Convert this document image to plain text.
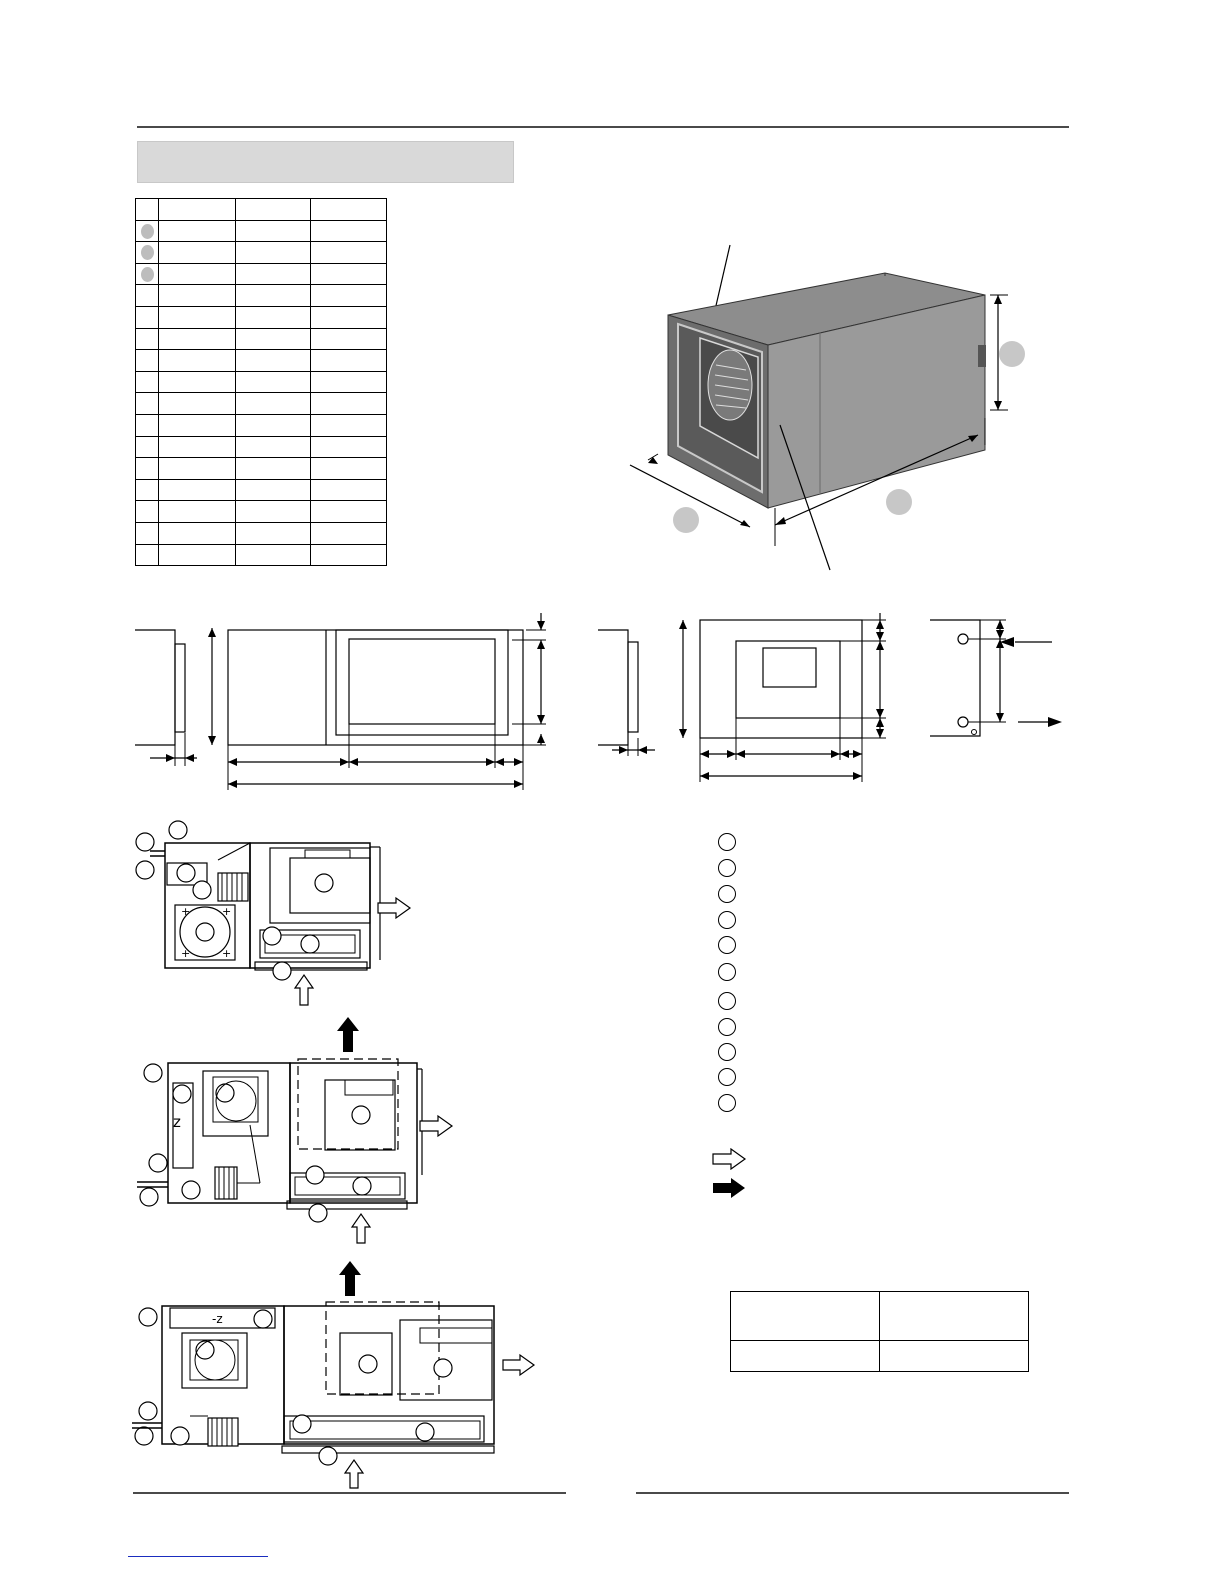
+	+
+	+
z
-z
